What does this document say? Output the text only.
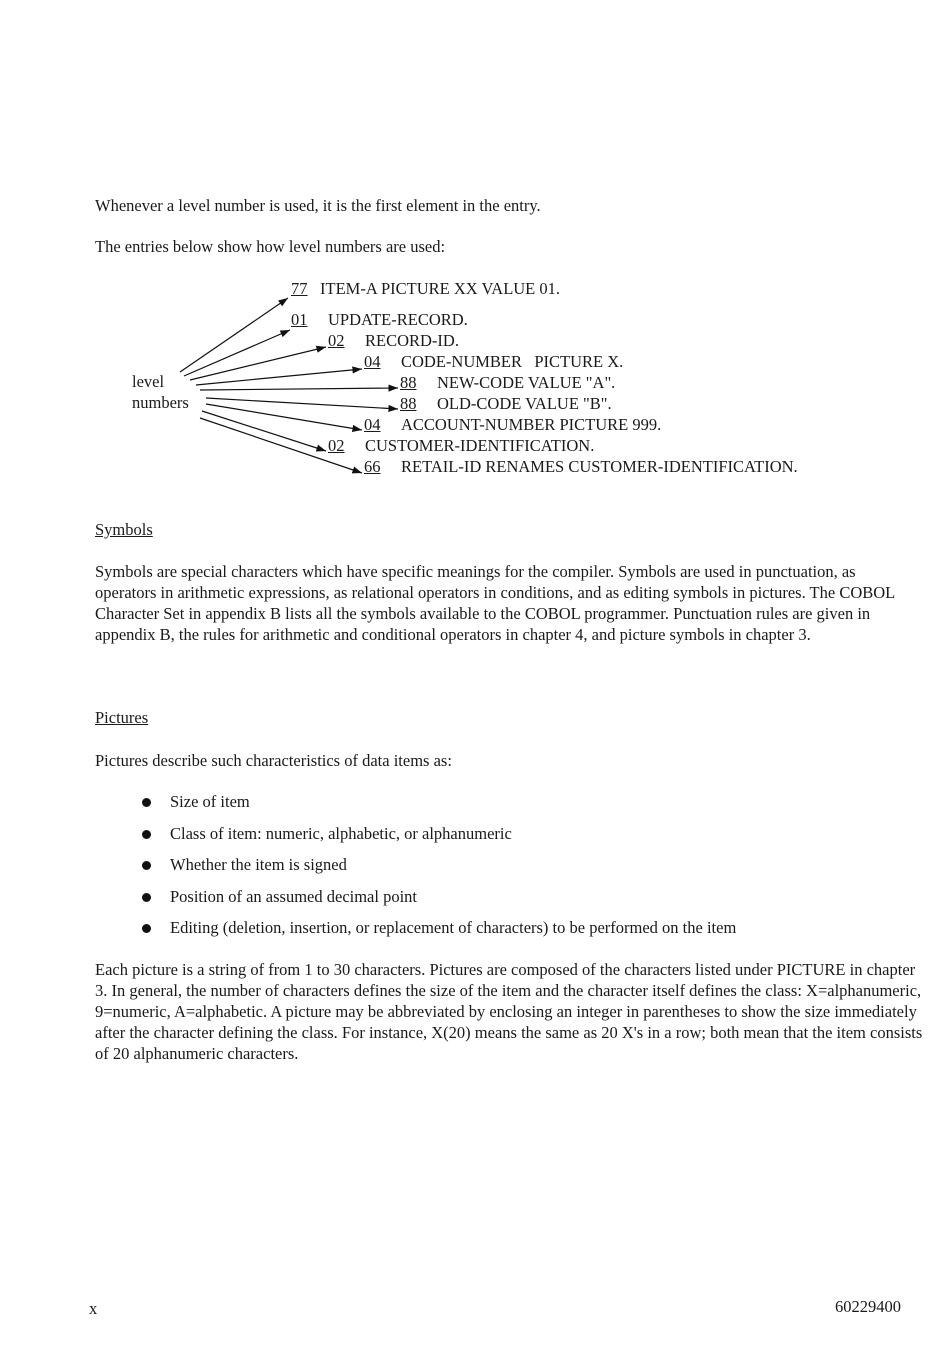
Whenever a level number is used, it is the first element in the entry.

The entries below show how level numbers are used:

level
numbers
77 ITEM-A PICTURE XX VALUE 01.
01 UPDATE-RECORD.
02 RECORD-ID.
04 CODE-NUMBER   PICTURE X.
88 NEW-CODE VALUE "A".
88 OLD-CODE VALUE "B".
04 ACCOUNT-NUMBER PICTURE 999.
02 CUSTOMER-IDENTIFICATION.
66 RETAIL-ID RENAMES CUSTOMER-IDENTIFICATION.

Symbols

Symbols are special characters which have specific meanings for the compiler. Symbols are used in punctuation, as operators in arithmetic expressions, as relational operators in conditions, and as editing symbols in pictures. The COBOL Character Set in appendix B lists all the symbols available to the COBOL programmer. Punctuation rules are given in appendix B, the rules for arithmetic and conditional operators in chapter 4, and picture symbols in chapter 3.

Pictures

Pictures describe such characteristics of data items as:

Size of item
Class of item: numeric, alphabetic, or alphanumeric
Whether the item is signed
Position of an assumed decimal point
Editing (deletion, insertion, or replacement of characters) to be performed on the item

Each picture is a string of from 1 to 30 characters. Pictures are composed of the characters listed under PICTURE in chapter 3. In general, the number of characters defines the size of the item and the character itself defines the class: X=alphanumeric, 9=numeric, A=alphabetic. A picture may be abbreviated by enclosing an integer in parentheses to show the size immediately after the character defining the class. For instance, X(20) means the same as 20 X's in a row; both mean that the item consists of 20 alphanumeric characters.

x	60229400
